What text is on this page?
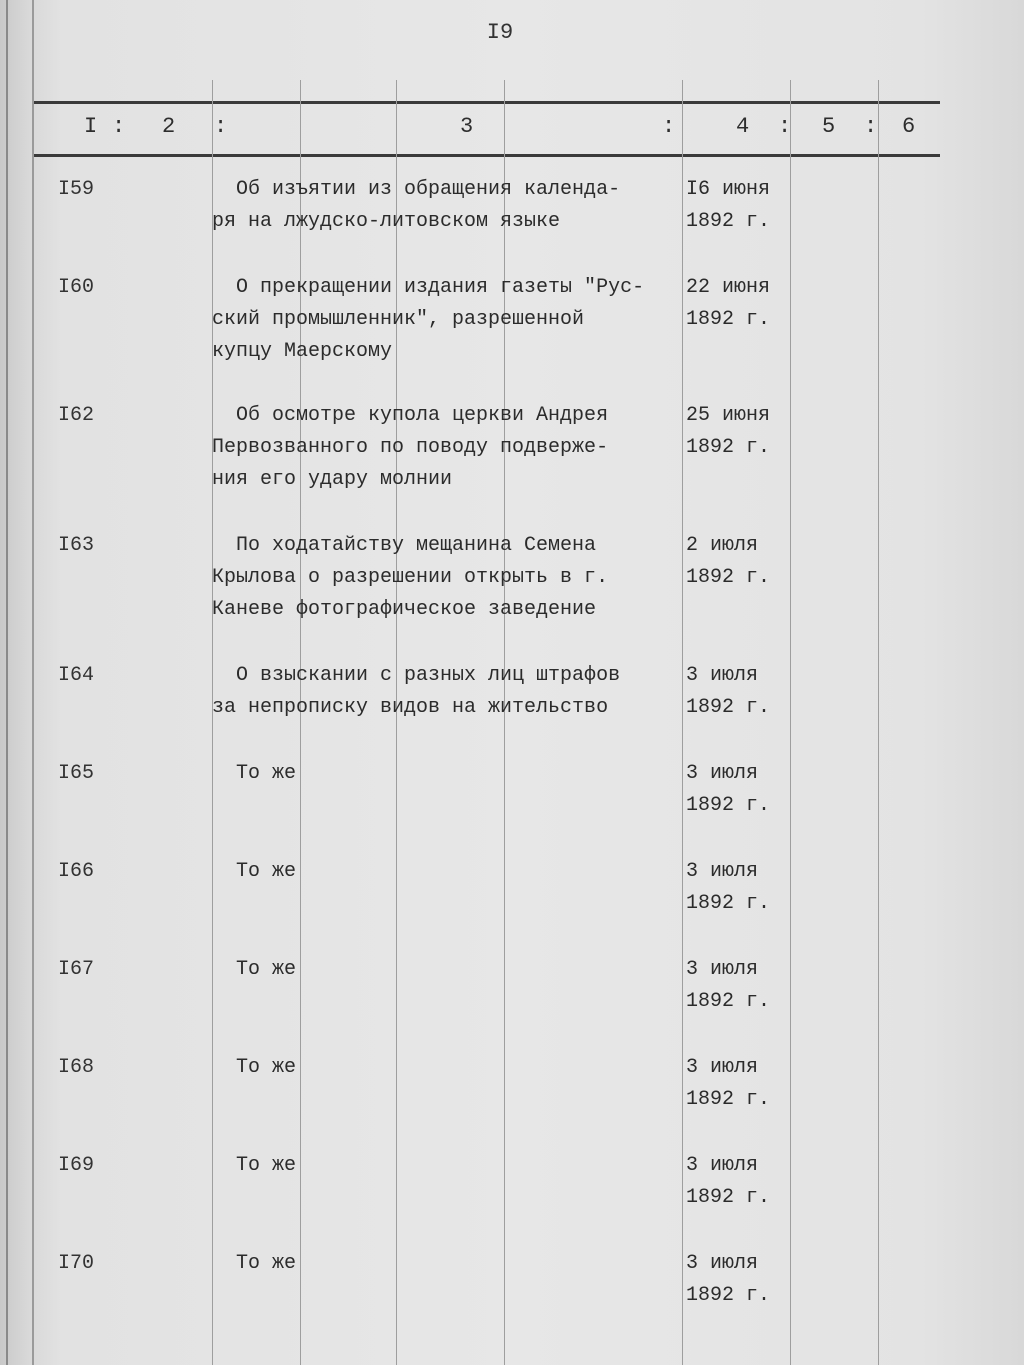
I9
I : 2 :	3	:	4 : 5 : 6
I59	Об изъятии из обращения календа-
ря на лжудско-литовском языке
I6 июня
1892 г.
I60	О прекращении издания газеты "Рус-
ский промышленник", разрешенной
купцу Маерскому
22 июня
1892 г.
I62	Об осмотре купола церкви Андрея
Первозванного по поводу подверже-
ния его удару молнии
25 июня
1892 г.
I63	По ходатайству мещанина Семена
Крылова о разрешении открыть в г.
Каневе фотографическое заведение
2 июля
1892 г.
I64	О взыскании с разных лиц штрафов
за непрописку видов на жительство
3 июля
1892 г.
I65	То же	3 июля
1892 г.
I66	То же	3 июля
1892 г.
I67	То же	3 июля
1892 г.
I68	То же	3 июля
1892 г.
I69	То же	3 июля
1892 г.
I70	То же	3 июля
1892 г.
